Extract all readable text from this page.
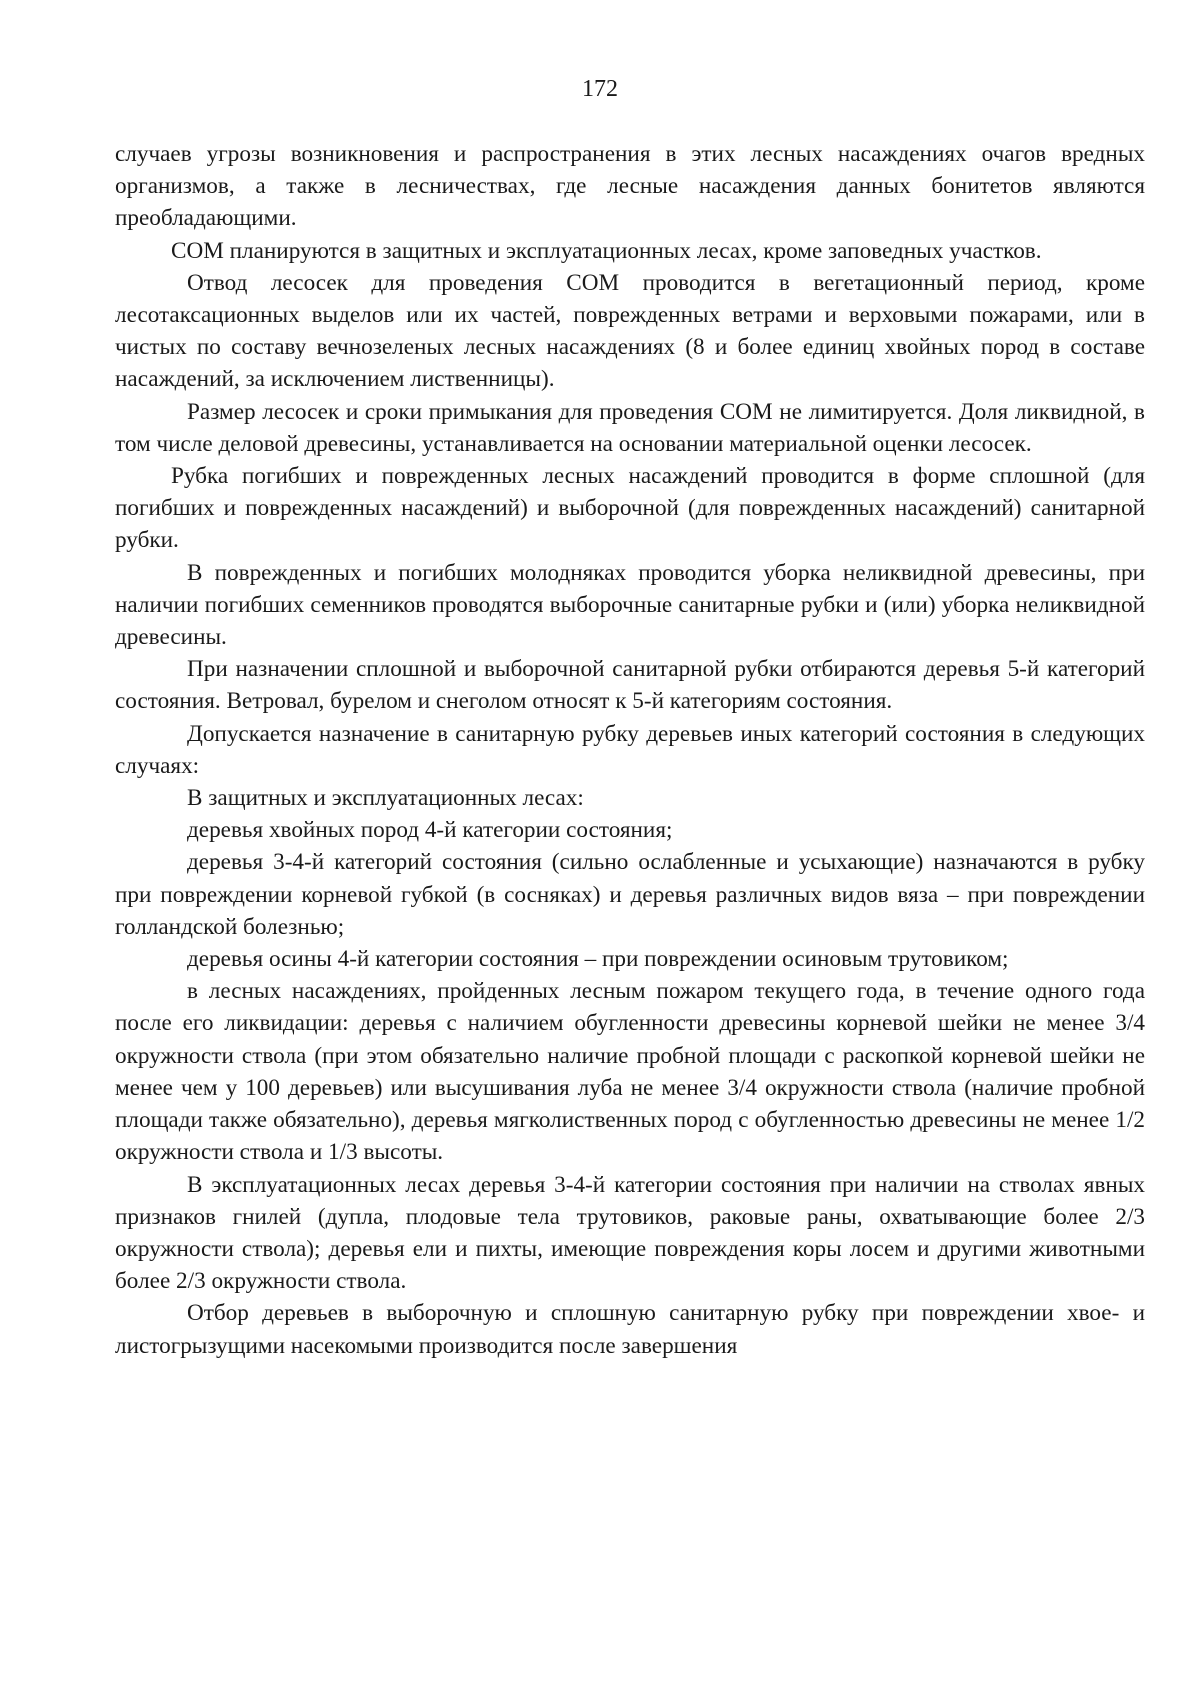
172

случаев угрозы возникновения и распространения в этих лесных насаждениях очагов вредных организмов, а также в лесничествах, где лесные насаждения данных бонитетов являются преобладающими.

СОМ планируются в защитных и эксплуатационных лесах, кроме заповедных участков.

Отвод лесосек для проведения СОМ проводится в вегетационный период, кроме лесотаксационных выделов или их частей, поврежденных ветрами и верховыми пожарами, или в чистых по составу вечнозеленых лесных насаждениях (8 и более единиц хвойных пород в составе насаждений, за исключением лиственницы).

Размер лесосек и сроки примыкания для проведения СОМ не лимитируется. Доля ликвидной, в том числе деловой древесины, устанавливается на основании материальной оценки лесосек.

Рубка погибших и поврежденных лесных насаждений проводится в форме сплошной (для погибших и поврежденных насаждений) и выборочной (для поврежденных насаждений) санитарной рубки.

В поврежденных и погибших молодняках проводится уборка неликвидной древесины, при наличии погибших семенников проводятся выборочные санитарные рубки и (или) уборка неликвидной древесины.

При назначении сплошной и выборочной санитарной рубки отбираются деревья 5-й категорий состояния. Ветровал, бурелом и снеголом относят к 5-й категориям состояния.

Допускается назначение в санитарную рубку деревьев иных категорий состояния в следующих случаях:

В защитных и эксплуатационных лесах:

деревья хвойных пород 4-й категории состояния;

деревья 3-4-й категорий состояния (сильно ослабленные и усыхающие) назначаются в рубку при повреждении корневой губкой (в сосняках) и деревья различных видов вяза – при повреждении голландской болезнью;

деревья осины 4-й категории состояния – при повреждении осиновым трутовиком;

в лесных насаждениях, пройденных лесным пожаром текущего года, в течение одного года после его ликвидации: деревья с наличием обугленности древесины корневой шейки не менее 3/4 окружности ствола (при этом обязательно наличие пробной площади с раскопкой корневой шейки не менее чем у 100 деревьев) или высушивания луба не менее 3/4 окружности ствола (наличие пробной площади также обязательно), деревья мягколиственных пород с обугленностью древесины не менее 1/2 окружности ствола и 1/3 высоты.

В эксплуатационных лесах деревья 3-4-й категории состояния при наличии на стволах явных признаков гнилей (дупла, плодовые тела трутовиков, раковые раны, охватывающие более 2/3 окружности ствола); деревья ели и пихты, имеющие повреждения коры лосем и другими животными более 2/3 окружности ствола.

Отбор деревьев в выборочную и сплошную санитарную рубку при повреждении хвое- и листогрызущими насекомыми производится после завершения
